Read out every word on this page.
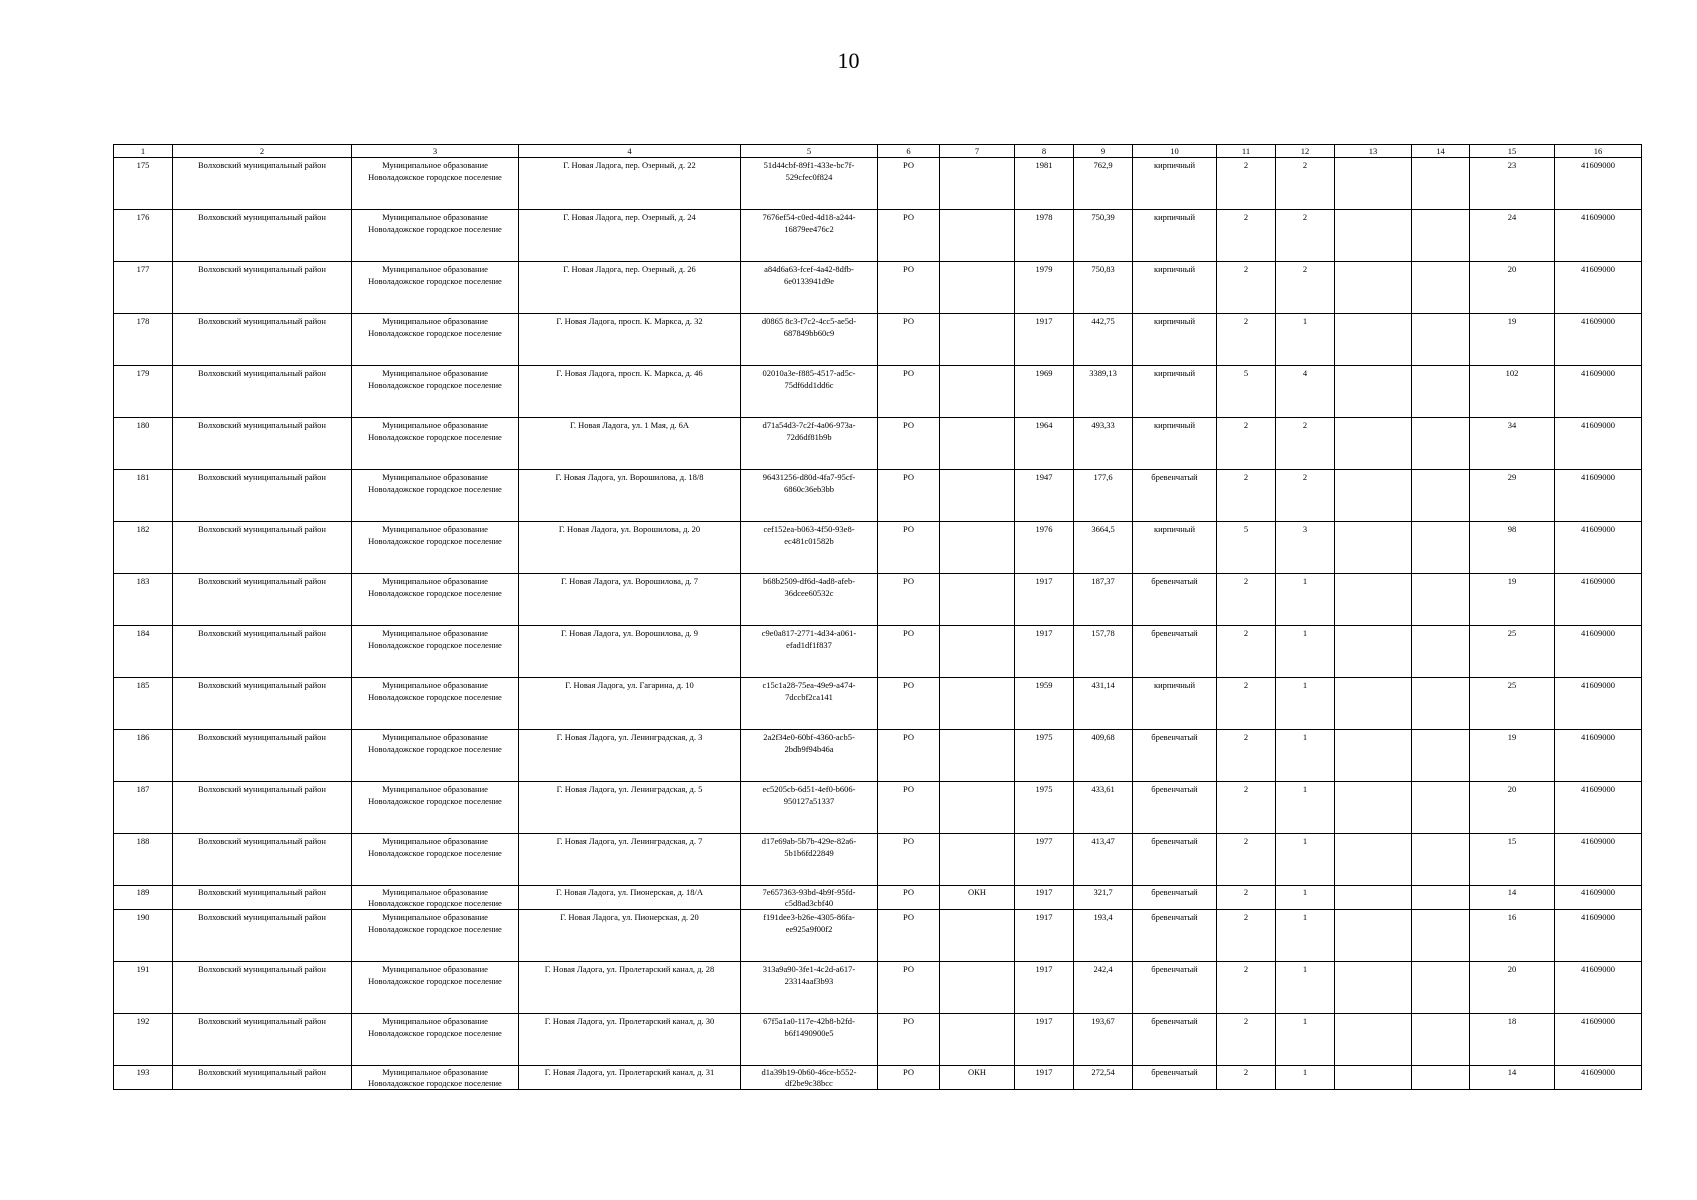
10
1	2	3	4	5	6	7	8	9	10	11	12	13	14	15	16
175	Волховский муниципальный район	Муниципальное образование Новоладожское городское поселение	Г. Новая Ладога, пер. Озерный, д. 22	51d44cbf-89f1-433e-bc7f-529cfec0f824	РО		1981	762,9	кирпичный	2	2			23	41609000
176	Волховский муниципальный район	Муниципальное образование Новоладожское городское поселение	Г. Новая Ладога, пер. Озерный, д. 24	7676ef54-c0ed-4d18-a244-16879ee476c2	РО		1978	750,39	кирпичный	2	2			24	41609000
177	Волховский муниципальный район	Муниципальное образование Новоладожское городское поселение	Г. Новая Ладога, пер. Озерный, д. 26	a84d6a63-fcef-4a42-8dfb-6e0133941d9e	РО		1979	750,83	кирпичный	2	2			20	41609000
178	Волховский муниципальный район	Муниципальное образование Новоладожское городское поселение	Г. Новая Ладога, просп. К. Маркса, д. 32	d0865 8c3-f7c2-4cc5-ae5d-687849bb60c9	РО		1917	442,75	кирпичный	2	1			19	41609000
179	Волховский муниципальный район	Муниципальное образование Новоладожское городское поселение	Г. Новая Ладога, просп. К. Маркса, д. 46	02010a3e-f885-4517-ad5c-75df6dd1dd6c	РО		1969	3389,13	кирпичный	5	4			102	41609000
180	Волховский муниципальный район	Муниципальное образование Новоладожское городское поселение	Г. Новая Ладога, ул. 1 Мая, д. 6А	d71a54d3-7c2f-4a06-973a-72d6df81b9b	РО		1964	493,33	кирпичный	2	2			34	41609000
181	Волховский муниципальный район	Муниципальное образование Новоладожское городское поселение	Г. Новая Ладога, ул. Ворошилова, д. 18/8	96431256-d80d-4fa7-95cf-6860c36eb3bb	РО		1947	177,6	бревенчатый	2	2			29	41609000
182	Волховский муниципальный район	Муниципальное образование Новоладожское городское поселение	Г. Новая Ладога, ул. Ворошилова, д. 20	cef152ea-b063-4f50-93e8-ec481c01582b	РО		1976	3664,5	кирпичный	5	3			98	41609000
183	Волховский муниципальный район	Муниципальное образование Новоладожское городское поселение	Г. Новая Ладога, ул. Ворошилова, д. 7	b68b2509-df6d-4ad8-afeb-36dcee60532c	РО		1917	187,37	бревенчатый	2	1			19	41609000
184	Волховский муниципальный район	Муниципальное образование Новоладожское городское поселение	Г. Новая Ладога, ул. Ворошилова, д. 9	c9e0a817-2771-4d34-a061-efad1df1f837	РО		1917	157,78	бревенчатый	2	1			25	41609000
185	Волховский муниципальный район	Муниципальное образование Новоладожское городское поселение	Г. Новая Ладога, ул. Гагарина, д. 10	c15c1a28-75ea-49e9-a474-7dccbf2ca141	РО		1959	431,14	кирпичный	2	1			25	41609000
186	Волховский муниципальный район	Муниципальное образование Новоладожское городское поселение	Г. Новая Ладога, ул. Ленинградская, д. 3	2a2f34e0-60bf-4360-acb5-2bdb9f94b46a	РО		1975	409,68	бревенчатый	2	1			19	41609000
187	Волховский муниципальный район	Муниципальное образование Новоладожское городское поселение	Г. Новая Ладога, ул. Ленинградская, д. 5	ec5205cb-6d51-4ef0-b606-950127a51337	РО		1975	433,61	бревенчатый	2	1			20	41609000
188	Волховский муниципальный район	Муниципальное образование Новоладожское городское поселение	Г. Новая Ладога, ул. Ленинградская, д. 7	d17e69ab-5b7b-429e-82a6-5b1b6fd22849	РО		1977	413,47	бревенчатый	2	1			15	41609000
189	Волховский муниципальный район	Муниципальное образование Новоладожское городское поселение	Г. Новая Ладога, ул. Пионерская, д. 18/А	7e657363-93bd-4b9f-95fd-c5d8ad3cbf40	РО	ОКН	1917	321,7	бревенчатый	2	1			14	41609000
190	Волховский муниципальный район	Муниципальное образование Новоладожское городское поселение	Г. Новая Ладога, ул. Пионерская, д. 20	f191dee3-b26e-4305-86fa-ee925a9f00f2	РО		1917	193,4	бревенчатый	2	1			16	41609000
191	Волховский муниципальный район	Муниципальное образование Новоладожское городское поселение	Г. Новая Ладога, ул. Пролетарский канал, д. 28	313a9a90-3fe1-4c2d-a617-23314aaf3b93	РО		1917	242,4	бревенчатый	2	1			20	41609000
192	Волховский муниципальный район	Муниципальное образование Новоладожское городское поселение	Г. Новая Ладога, ул. Пролетарский канал, д. 30	67f5a1a0-117e-42b8-b2fd-b6f1490900e5	РО		1917	193,67	бревенчатый	2	1			18	41609000
193	Волховский муниципальный район	Муниципальное образование Новоладожское городское поселение	Г. Новая Ладога, ул. Пролетарский канал, д. 31	d1a39b19-0b60-46ce-b552-df2be9c38bcc	РО	ОКН	1917	272,54	бревенчатый	2	1			14	41609000
